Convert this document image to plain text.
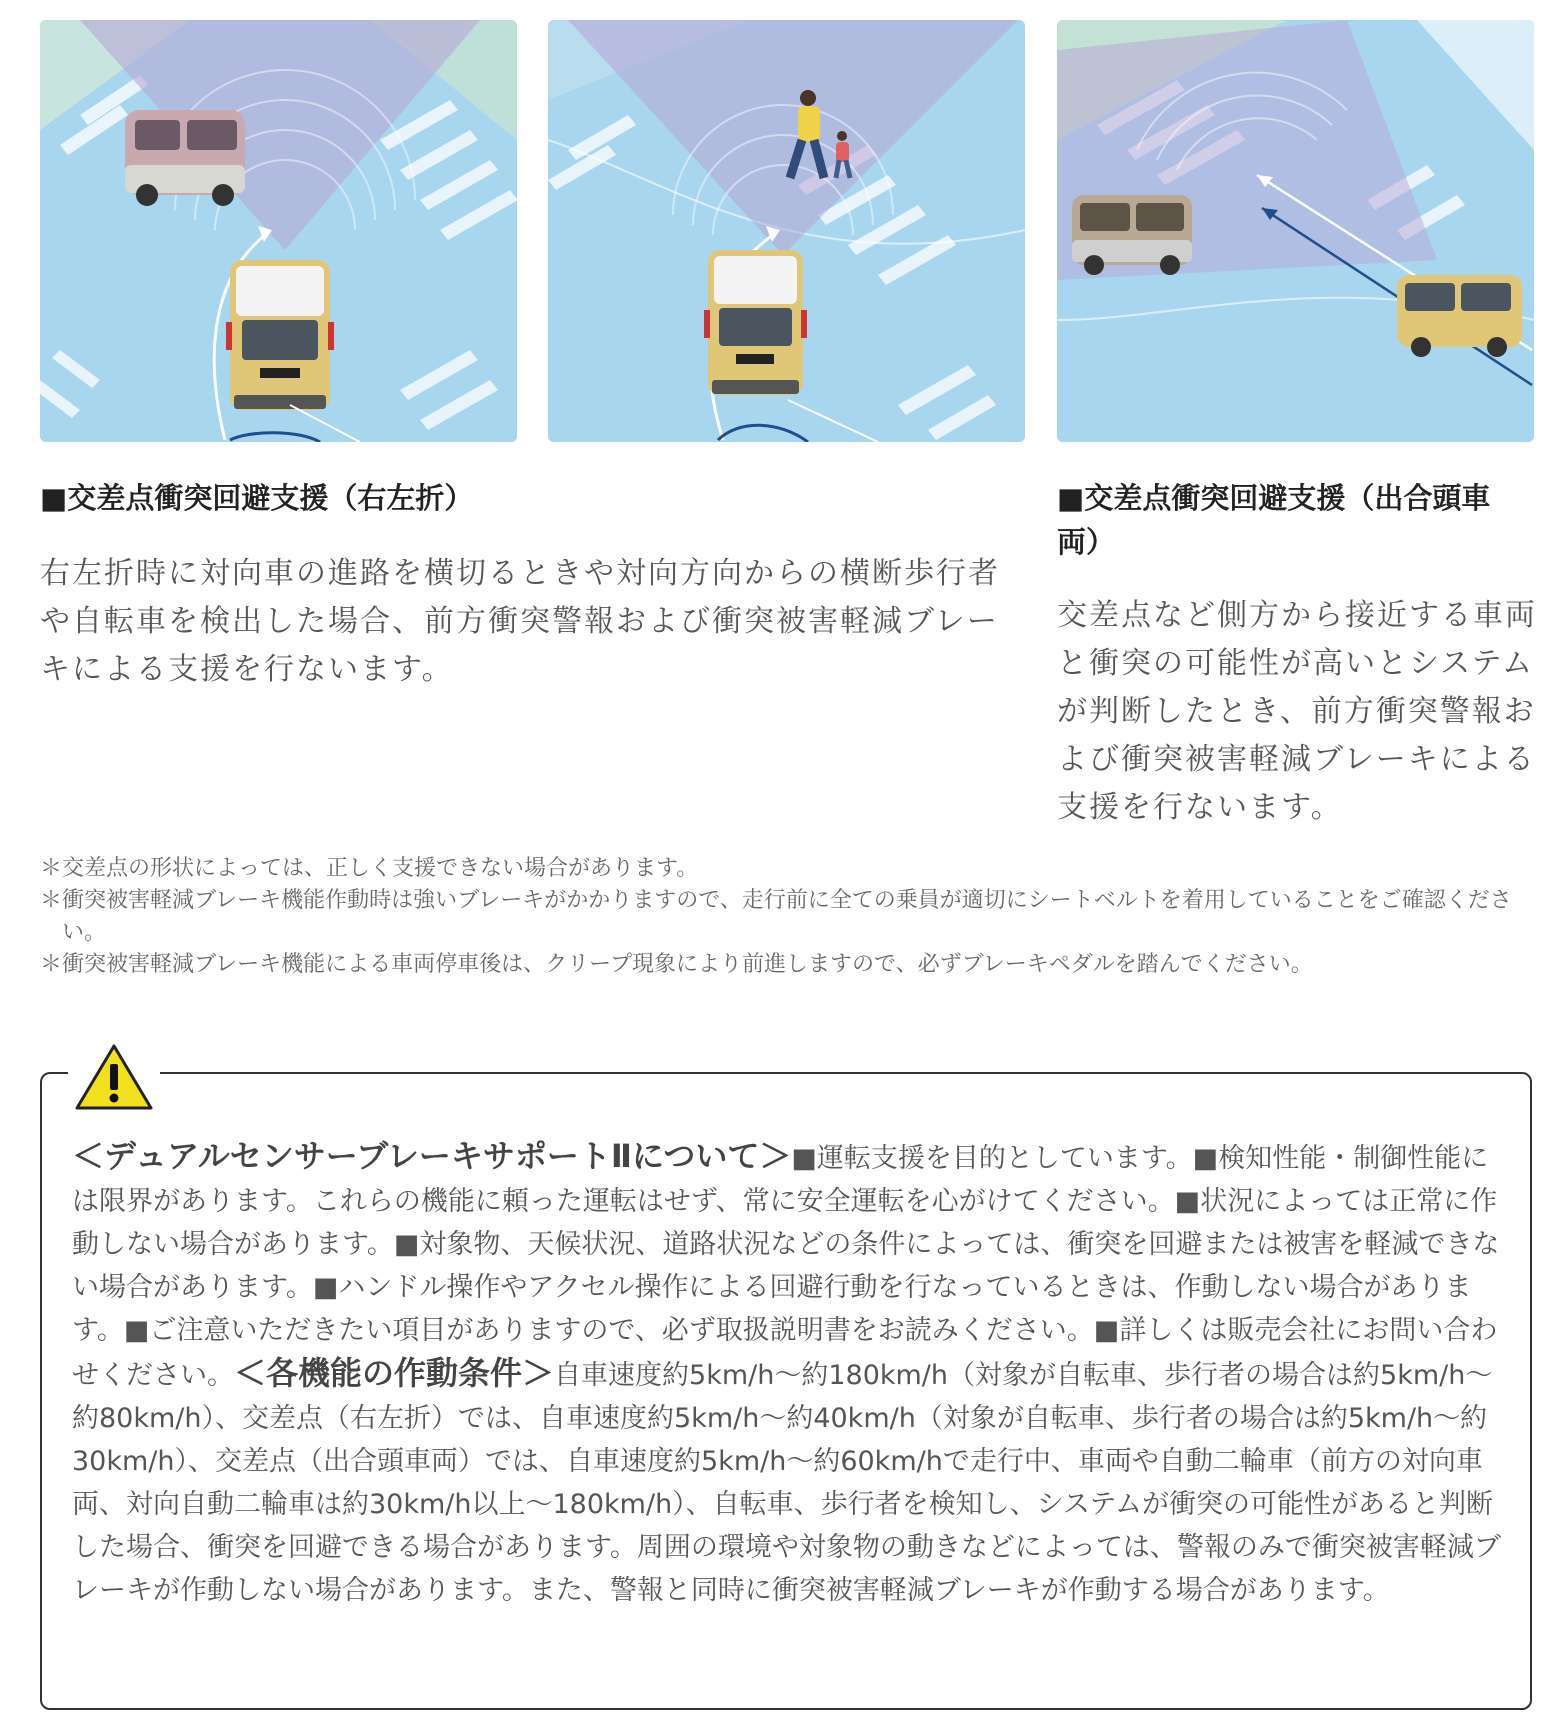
■交差点衝突回避支援（右左折）
右左折時に対向車の進路を横切るときや対向方向からの横断歩行者や自転車を検出した場合、前方衝突警報および衝突被害軽減ブレーキによる支援を行ないます。
■交差点衝突回避支援（出合頭車両）
交差点など側方から接近する車両と衝突の可能性が高いとシステムが判断したとき、前方衝突警報および衝突被害軽減ブレーキによる支援を行ないます。
＊交差点の形状によっては、正しく支援できない場合があります。
＊衝突被害軽減ブレーキ機能作動時は強いブレーキがかかりますので、走行前に全ての乗員が適切にシートベルトを着用していることをご確認ください。
＊衝突被害軽減ブレーキ機能による車両停車後は、クリープ現象により前進しますので、必ずブレーキペダルを踏んでください。
＜デュアルセンサーブレーキサポートⅡについて＞■運転支援を目的としています。■検知性能・制御性能には限界があります。これらの機能に頼った運転はせず、常に安全運転を心がけてください。■状況によっては正常に作動しない場合があります。■対象物、天候状況、道路状況などの条件によっては、衝突を回避または被害を軽減できない場合があります。■ハンドル操作やアクセル操作による回避行動を行なっているときは、作動しない場合があります。■ご注意いただきたい項目がありますので、必ず取扱説明書をお読みください。■詳しくは販売会社にお問い合わせください。＜各機能の作動条件＞自車速度約5km/h～約180km/h（対象が自転車、歩行者の場合は約5km/h～約80km/h）、交差点（右左折）では、自車速度約5km/h～約40km/h（対象が自転車、歩行者の場合は約5km/h～約30km/h）、交差点（出合頭車両）では、自車速度約5km/h～約60km/hで走行中、車両や自動二輪車（前方の対向車両、対向自動二輪車は約30km/h以上～180km/h）、自転車、歩行者を検知し、システムが衝突の可能性があると判断した場合、衝突を回避できる場合があります。周囲の環境や対象物の動きなどによっては、警報のみで衝突被害軽減ブレーキが作動しない場合があります。また、警報と同時に衝突被害軽減ブレーキが作動する場合があります。
